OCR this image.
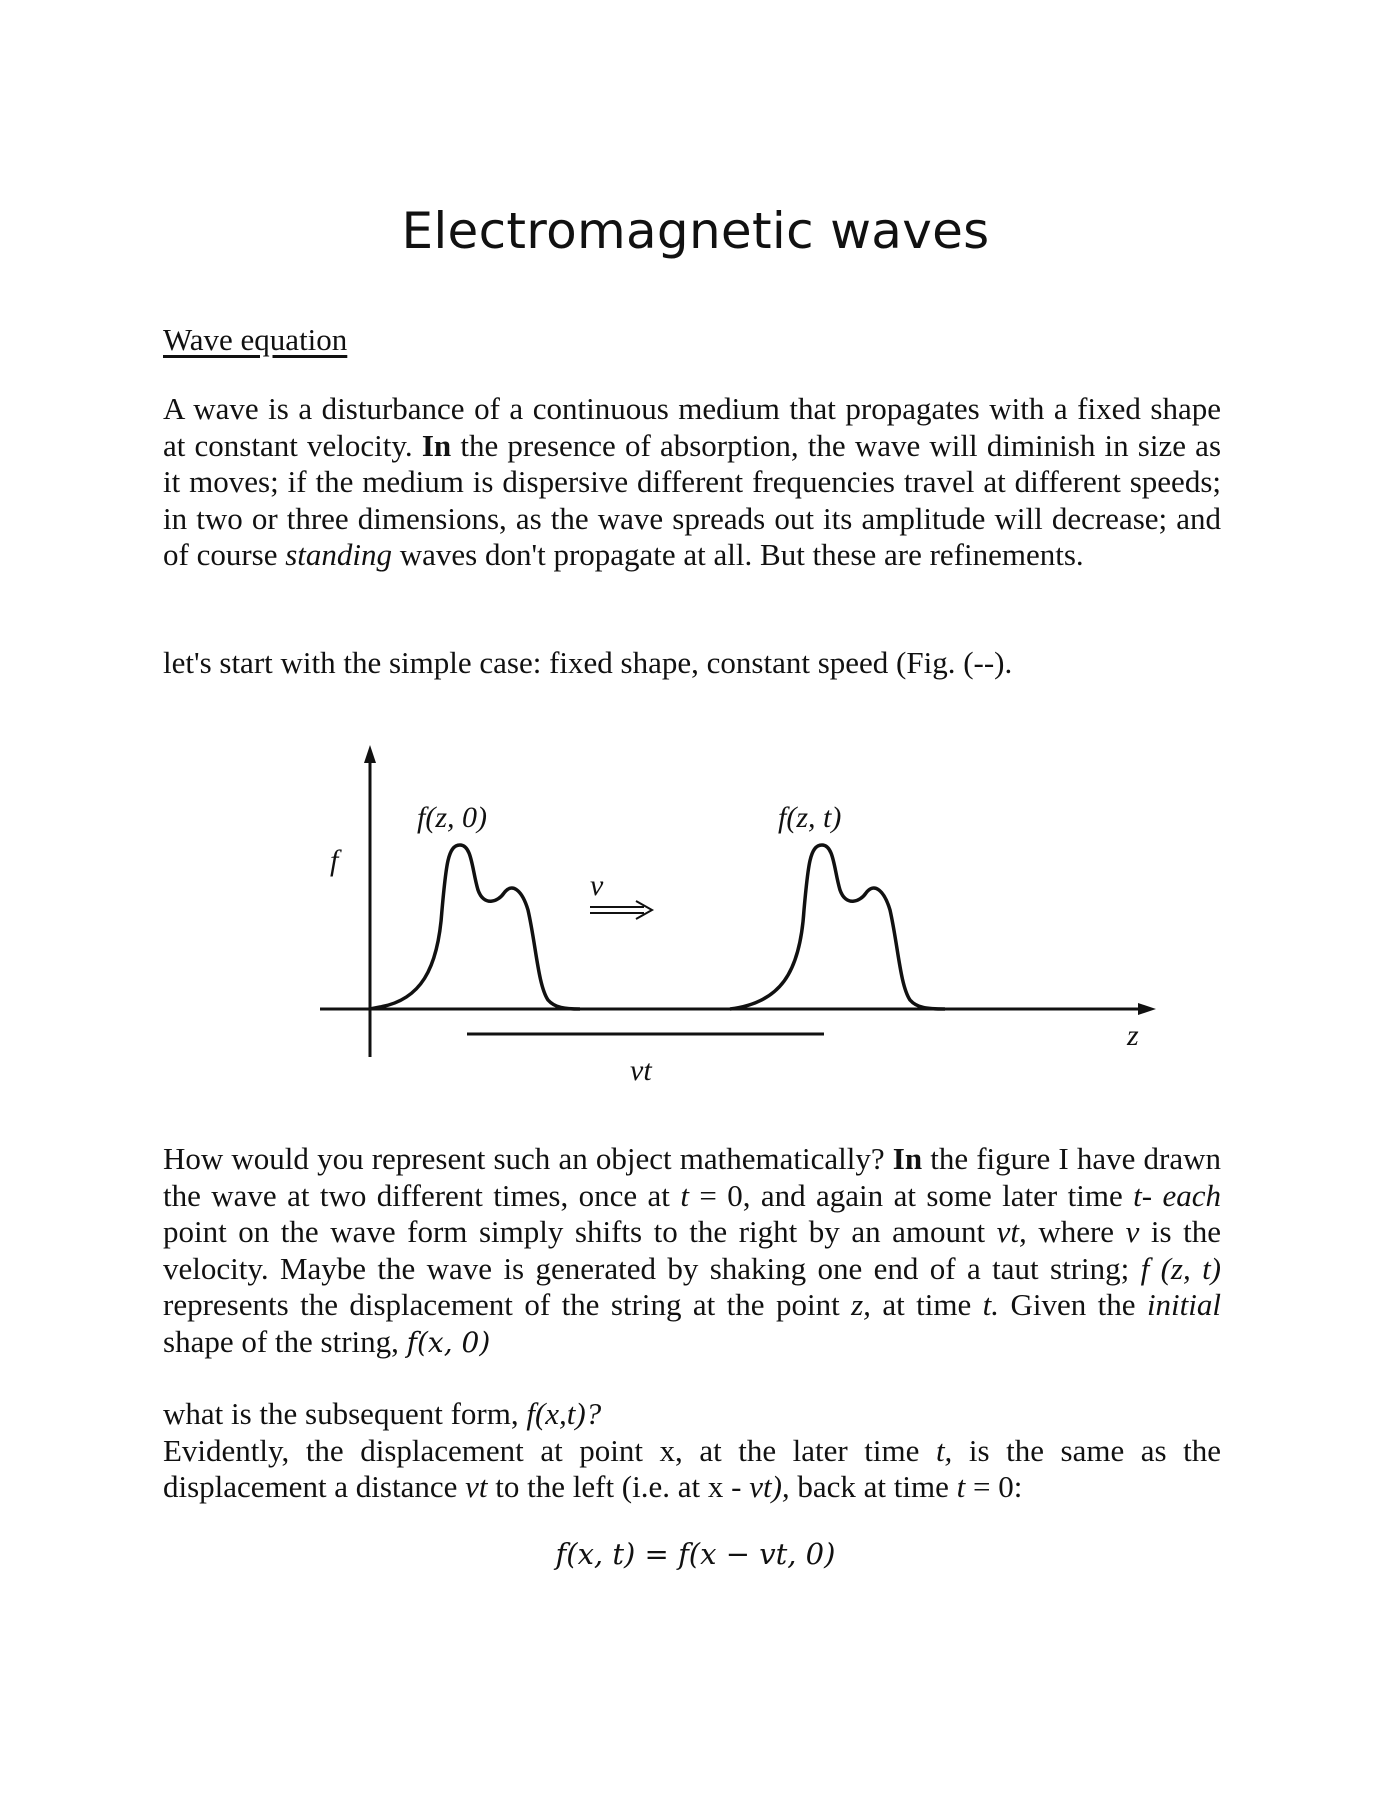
Electromagnetic waves
Wave equation

A wave is a disturbance of a continuous medium that propagates with a fixed shape at constant velocity. In the presence of absorption, the wave will diminish in size as it moves; if the medium is dispersive different frequencies travel at different speeds; in two or three dimensions, as the wave spreads out its amplitude will decrease; and of course standing waves don't propagate at all. But these are refinements.

let's start with the simple case: fixed shape, constant speed (Fig. (--).

f
f(z, 0)	f(z, t)
v
vt
z

How would you represent such an object mathematically? In the figure I have drawn the wave at two different times, once at t = 0, and again at some later time t- each point on the wave form simply shifts to the right by an amount vt, where v is the velocity. Maybe the wave is generated by shaking one end of a taut string; f (z, t) represents the displacement of the string at the point z, at time t. Given the initial shape of the string, f(x, 0)

what is the subsequent form, f(x,t)?
Evidently, the displacement at point x, at the later time t, is the same as the displacement a distance vt to the left (i.e. at x - vt), back at time t = 0:

f(x, t) = f(x − vt, 0)
